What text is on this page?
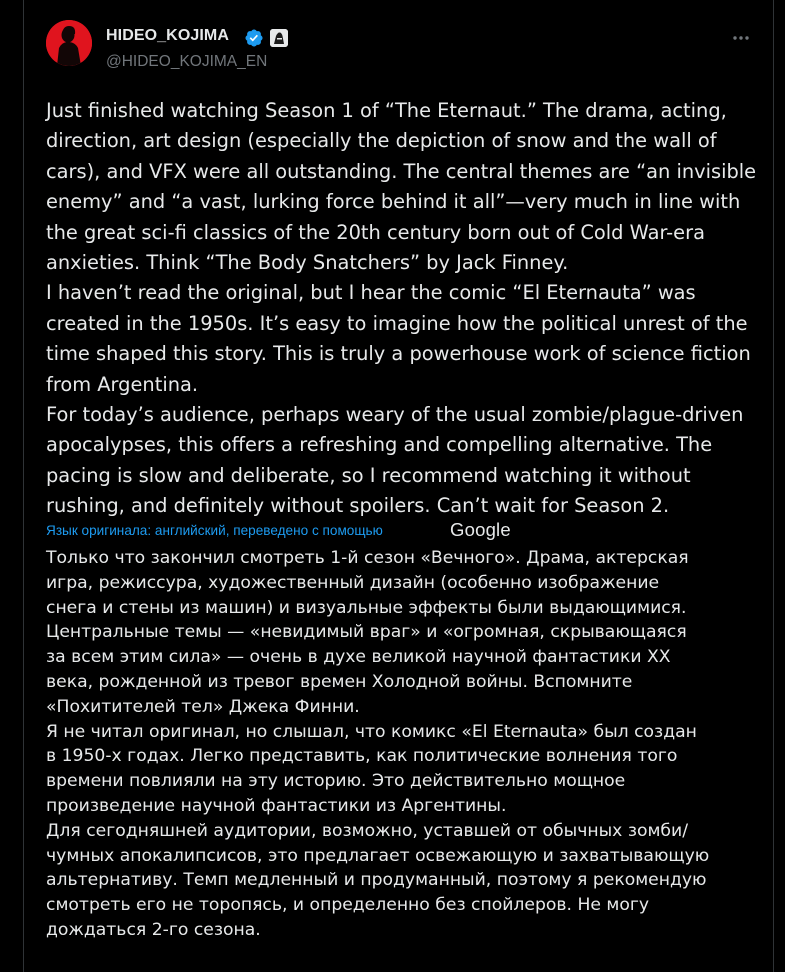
HIDEO_KOJIMA
@HIDEO_KOJIMA_EN

Just finished watching Season 1 of “The Eternaut.” The drama, acting,

direction, art design (especially the depiction of snow and the wall of

cars), and VFX were all outstanding. The central themes are “an invisible

enemy” and “a vast, lurking force behind it all”—very much in line with

the great sci-fi classics of the 20th century born out of Cold War-era

anxieties. Think “The Body Snatchers” by Jack Finney.

I haven’t read the original, but I hear the comic “El Eternauta” was

created in the 1950s. It’s easy to imagine how the political unrest of the

time shaped this story. This is truly a powerhouse work of science fiction

from Argentina.

For today’s audience, perhaps weary of the usual zombie/plague-driven

apocalypses, this offers a refreshing and compelling alternative. The

pacing is slow and deliberate, so I recommend watching it without

rushing, and definitely without spoilers. Can’t wait for Season 2.

Язык оригинала: английский, переведено с помощью	Google

Только что закончил смотреть 1-й сезон «Вечного». Драма, актерская

игра, режиссура, художественный дизайн (особенно изображение

снега и стены из машин) и визуальные эффекты были выдающимися.

Центральные темы — «невидимый враг» и «огромная, скрывающаяся

за всем этим сила» — очень в духе великой научной фантастики XX

века, рожденной из тревог времен Холодной войны. Вспомните

«Похитителей тел» Джека Финни.

Я не читал оригинал, но слышал, что комикс «El Eternauta» был создан

в 1950-х годах. Легко представить, как политические волнения того

времени повлияли на эту историю. Это действительно мощное

произведение научной фантастики из Аргентины.

Для сегодняшней аудитории, возможно, уставшей от обычных зомби/

чумных апокалипсисов, это предлагает освежающую и захватывающую

альтернативу. Темп медленный и продуманный, поэтому я рекомендую

смотреть его не торопясь, и определенно без спойлеров. Не могу

дождаться 2-го сезона.
